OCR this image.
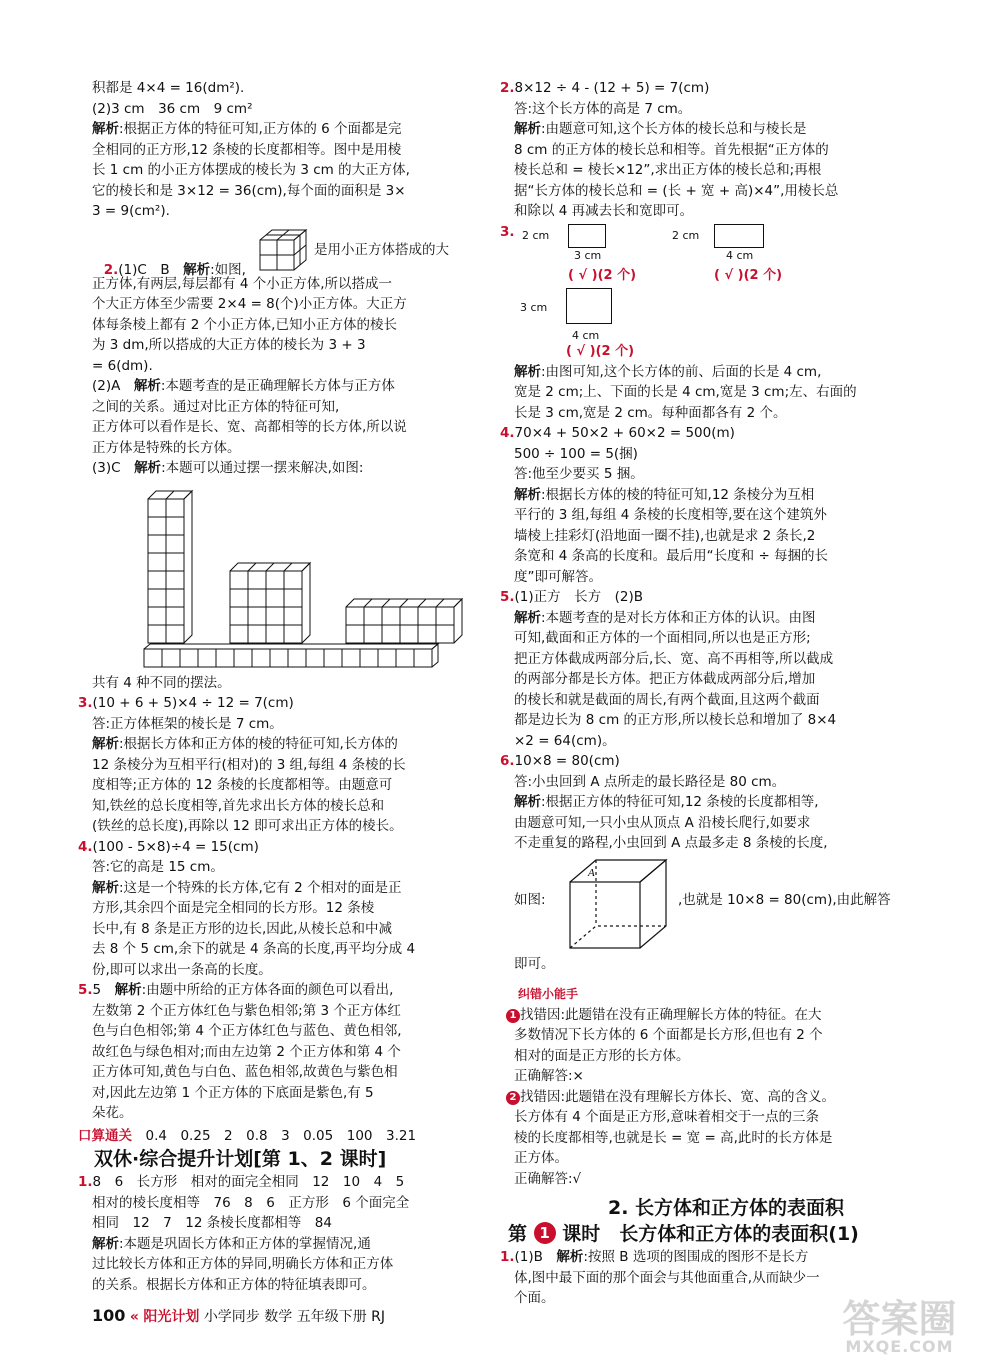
积都是 4×4 = 16(dm²).
(2)3 cm　36 cm　9 cm²
解析:根据正方体的特征可知,正方体的 6 个面都是完
全相同的正方形,12 条棱的长度都相等。图中是用棱
长 1 cm 的小正方体摆成的棱长为 3 cm 的大正方体,
它的棱长和是 3×12 = 36(cm),每个面的面积是 3×
3 = 9(cm²).

2.(1)C　B　 解析:如图,

是用小正方体搭成的大
正方体,有两层,每层都有 4 个小正方体,所以搭成一
个大正方体至少需要 2×4 = 8(个)小正方体。大正方
体每条棱上都有 2 个小正方体,已知小正方体的棱长
为 3 dm,所以搭成的大正方体的棱长为 3 + 3
= 6(dm).
(2)A　 解析:本题考查的是正确理解长方体与正方体
之间的关系。通过对比正方体的特征可知,
正方体可以看作是长、宽、高都相等的长方体,所以说
正方体是特殊的长方体。
(3)C　 解析:本题可以通过摆一摆来解决,如图:
共有 4 种不同的摆法。
3.(10 + 6 + 5)×4 ÷ 12 = 7(cm)
答:正方体框架的棱长是 7 cm。
解析:根据长方体和正方体的棱的特征可知,长方体的
12 条棱分为互相平行(相对)的 3 组,每组 4 条棱的长
度相等;正方体的 12 条棱的长度都相等。由题意可
知,铁丝的总长度相等,首先求出长方体的棱长总和
(铁丝的总长度),再除以 12 即可求出正方体的棱长。
4.(100 - 5×8)÷4 = 15(cm)
答:它的高是 15 cm。
解析:这是一个特殊的长方体,它有 2 个相对的面是正
方形,其余四个面是完全相同的长方形。12 条棱
长中,有 8 条是正方形的边长,因此,从棱长总和中减
去 8 个 5 cm,余下的就是 4 条高的长度,再平均分成 4
份,即可以求出一条高的长度。
5.5　 解析:由题中所给的正方体各面的颜色可以看出,
左数第 2 个正方体红色与紫色相邻;第 3 个正方体红
色与白色相邻;第 4 个正方体红色与蓝色、黄色相邻,
故红色与绿色相对;而由左边第 2 个正方体和第 4 个
正方体可知,黄色与白色、蓝色相邻,故黄色与紫色相
对,因此左边第 1 个正方体的下底面是紫色,有 5
朵花。
口算通关　 0.4　0.25　2　0.8　3　0.05　100　3.21
双休·综合提升计划[第 1、2 课时]
1.8　6　长方形　相对的面完全相同　12　10　4　5
相对的棱长度相等　76　8　6　正方形　6 个面完全
相同　12　7　12 条棱长度都相等　84
解析:本题是巩固长方体和正方体的掌握情况,通
过比较长方体和正方体的异同,明确长方体和正方体
的关系。根据长方体和正方体的特征填表即可。
2.8×12 ÷ 4 - (12 + 5) = 7(cm)
答:这个长方体的高是 7 cm。
解析:由题意可知,这个长方体的棱长总和与棱长是
8 cm 的正方体的棱长总和相等。首先根据“正方体的
棱长总和 = 棱长×12”,求出正方体的棱长总和;再根
据“长方体的棱长总和 = (长 + 宽 + 高)×4”,用棱长总
和除以 4 再减去长和宽即可。
3. 2 cm
3 cm
( √ )(2 个)
2 cm
4 cm
( √ )(2 个)
3 cm
4 cm
( √ )(2 个)
解析:由图可知,这个长方体的前、后面的长是 4 cm,
宽是 2 cm;上、下面的长是 4 cm,宽是 3 cm;左、右面的
长是 3 cm,宽是 2 cm。每种面都各有 2 个。
4.70×4 + 50×2 + 60×2 = 500(m)
500 ÷ 100 = 5(捆)
答:他至少要买 5 捆。
解析:根据长方体的棱的特征可知,12 条棱分为互相
平行的 3 组,每组 4 条棱的长度相等,要在这个建筑外
墙棱上挂彩灯(沿地面一圈不挂),也就是求 2 条长,2
条宽和 4 条高的长度和。最后用“长度和 ÷ 每捆的长
度”即可解答。
5.(1)正方　长方　(2)B
解析:本题考查的是对长方体和正方体的认识。由图
可知,截面和正方体的一个面相同,所以也是正方形;
把正方体截成两部分后,长、宽、高不再相等,所以截成
的两部分都是长方体。把正方体截成两部分后,增加
的棱长和就是截面的周长,有两个截面,且这两个截面
都是边长为 8 cm 的正方形,所以棱长总和增加了 8×4
×2 = 64(cm)。
6.10×8 = 80(cm)
答:小虫回到 A 点所走的最长路径是 80 cm。
解析:根据正方体的特征可知,12 条棱的长度都相等,
由题意可知,一只小虫从顶点 A 沿棱长爬行,如要求
不走重复的路程,小虫回到 A 点最多走 8 条棱的长度,
如图:
A
,也就是 10×8 = 80(cm),由此解答
即可。
纠错小能手
1 找错因:此题错在没有正确理解长方体的特征。在大
多数情况下长方体的 6 个面都是长方形,但也有 2 个
相对的面是正方形的长方体。
正确解答:×
2 找错因:此题错在没有理解长方体长、宽、高的含义。
长方体有 4 个面是正方形,意味着相交于一点的三条
棱的长度都相等,也就是长 = 宽 = 高,此时的长方体是
正方体。
正确解答:√
2. 长方体和正方体的表面积
第 1 课时　长方体和正方体的表面积(1)
1.(1)B　 解析:按照 B 选项的图围成的图形不是长方
体,图中最下面的那个面会与其他面重合,从而缺少一
个面。
100 « 阳光计划 小学同步 数学 五年级下册 RJ	答案圈
MXQE.COM
